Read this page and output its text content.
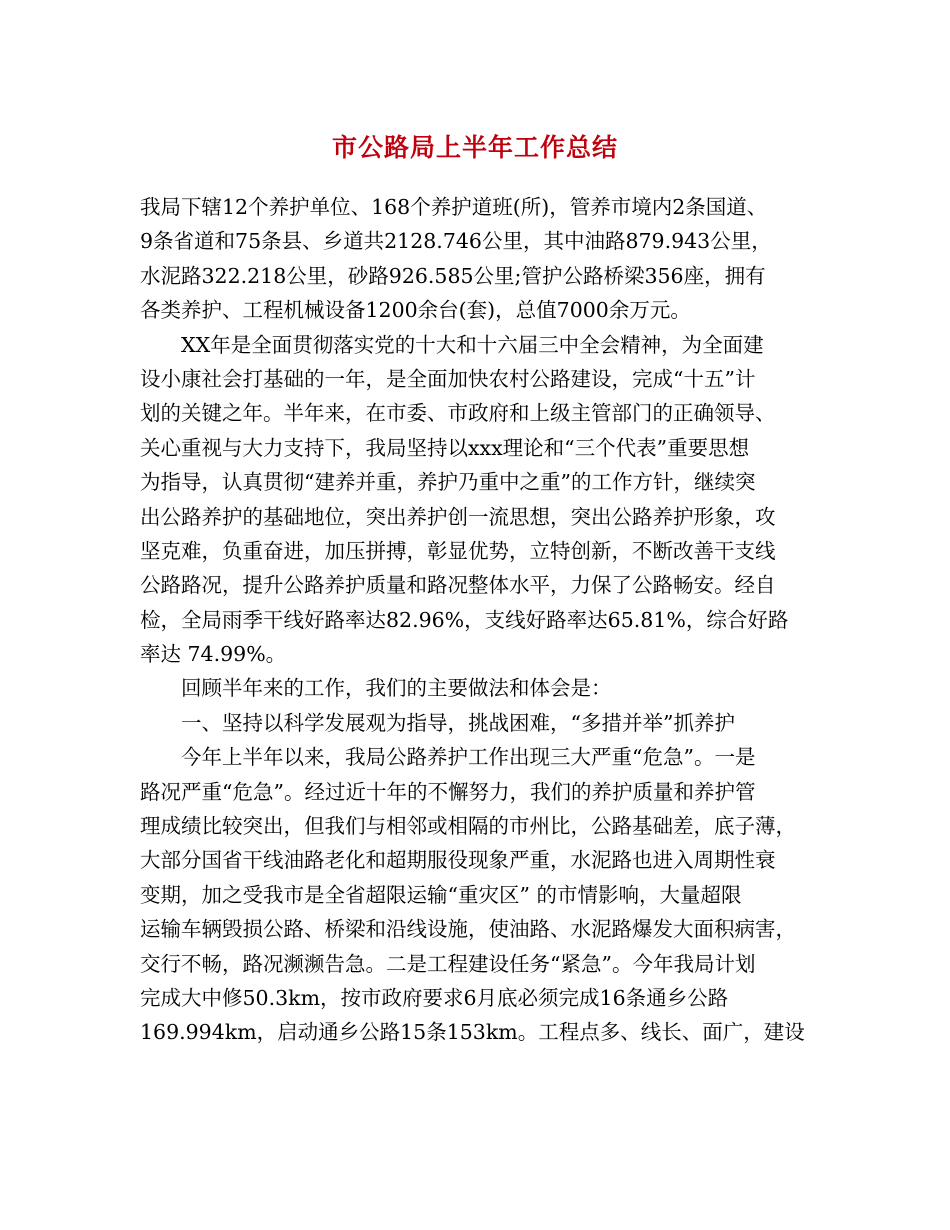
市公路局上半年工作总结
我局下辖12个养护单位、168个养护道班(所)，管养市境内2条国道、
9条省道和75条县、乡道共2128.746公里，其中油路879.943公里，
水泥路322.218公里，砂路926.585公里;管护公路桥梁356座，拥有
各类养护、工程机械设备1200余台(套)，总值7000余万元。
XX年是全面贯彻落实党的十大和十六届三中全会精神，为全面建
设小康社会打基础的一年，是全面加快农村公路建设，完成“十五”计
划的关键之年。半年来，在市委、市政府和上级主管部门的正确领导、
关心重视与大力支持下，我局坚持以xxx理论和“三个代表”重要思想
为指导，认真贯彻“建养并重，养护乃重中之重”的工作方针，继续突
出公路养护的基础地位，突出养护创一流思想，突出公路养护形象，攻
坚克难，负重奋进，加压拼搏，彰显优势，立特创新，不断改善干支线
公路路况，提升公路养护质量和路况整体水平，力保了公路畅安。经自
检，全局雨季干线好路率达82.96%，支线好路率达65.81%，综合好路
率达 74.99%。
回顾半年来的工作，我们的主要做法和体会是：
一、坚持以科学发展观为指导，挑战困难，“多措并举”抓养护
今年上半年以来，我局公路养护工作出现三大严重“危急”。一是
路况严重“危急”。经过近十年的不懈努力，我们的养护质量和养护管
理成绩比较突出，但我们与相邻或相隔的市州比，公路基础差，底子薄，
大部分国省干线油路老化和超期服役现象严重，水泥路也进入周期性衰
变期，加之受我市是全省超限运输“重灾区” 的市情影响，大量超限
运输车辆毁损公路、桥梁和沿线设施，使油路、水泥路爆发大面积病害，
交行不畅，路况濒濒告急。二是工程建设任务“紧急”。今年我局计划
完成大中修50.3km，按市政府要求6月底必须完成16条通乡公路
169.994km，启动通乡公路15条153km。工程点多、线长、面广，建设
